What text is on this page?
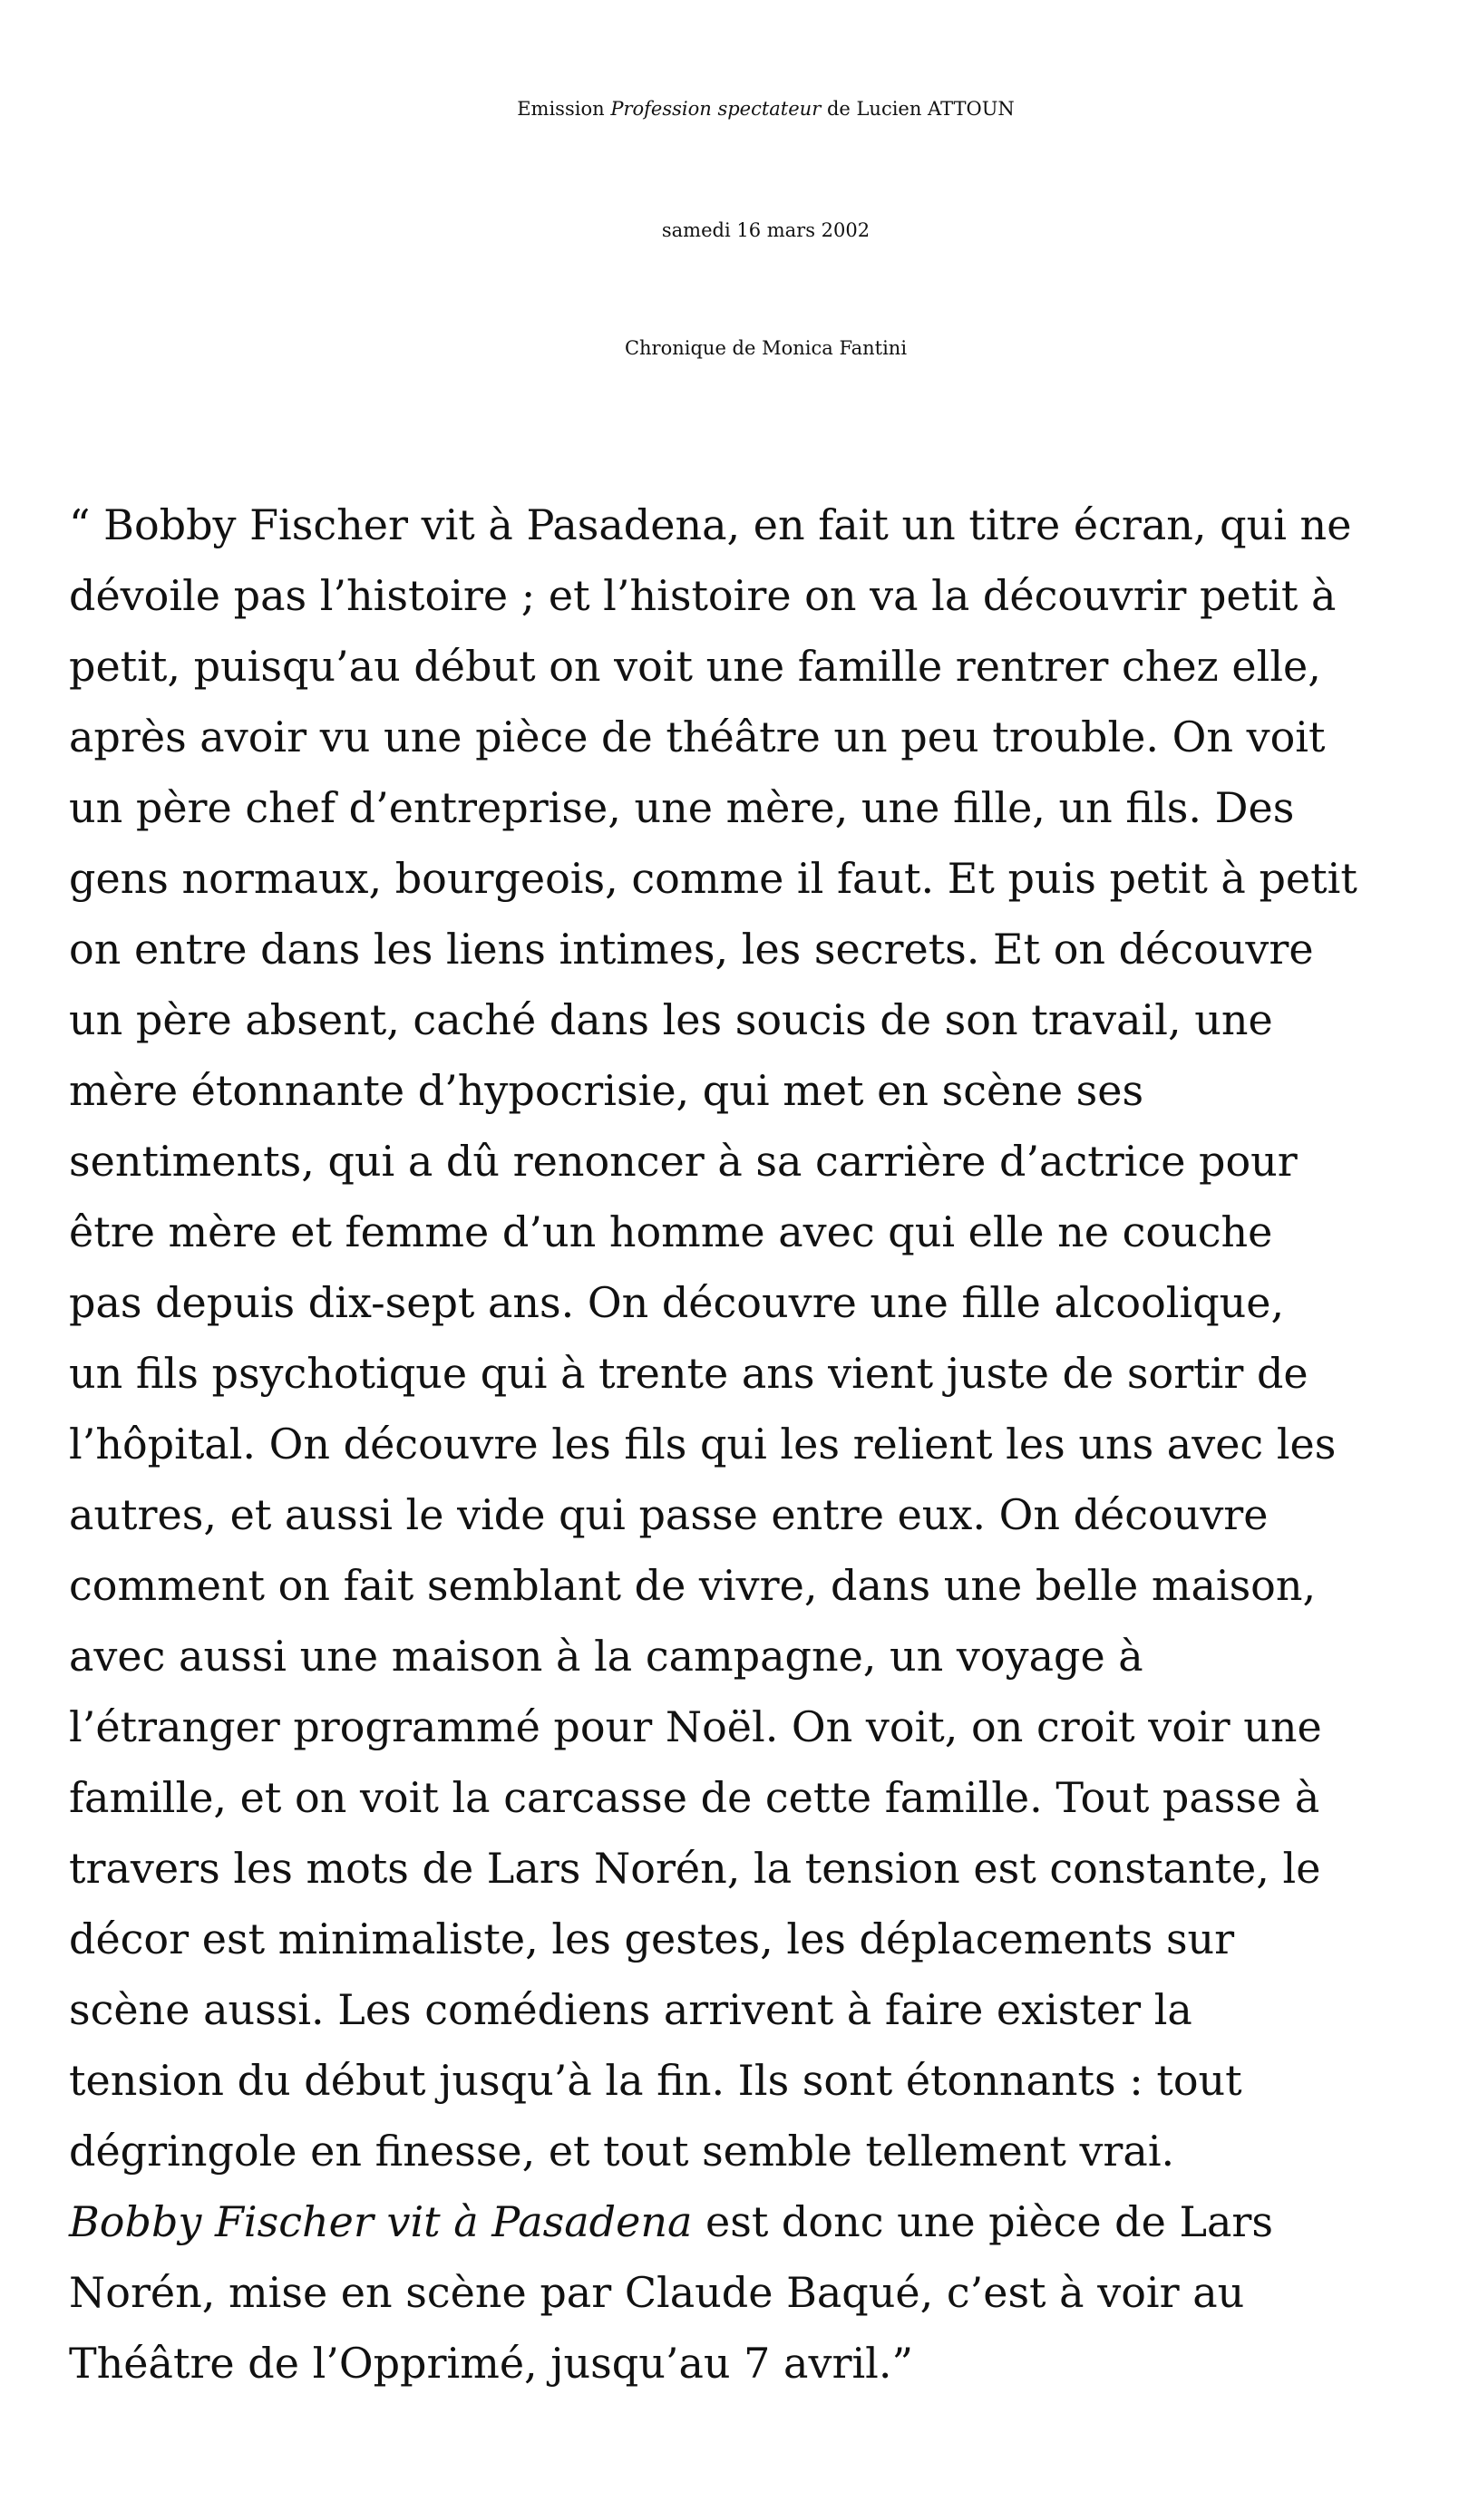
Emission Profession spectateur de Lucien ATTOUN
samedi 16 mars 2002
Chronique de Monica Fantini
“ Bobby Fischer vit à Pasadena, en fait un titre écran, qui ne
dévoile pas l’histoire ; et l’histoire on va la découvrir petit à
petit, puisqu’au début on voit une famille rentrer chez elle,
après avoir vu une pièce de théâtre un peu trouble. On voit
un père chef d’entreprise, une mère, une fille, un fils. Des
gens normaux, bourgeois, comme il faut. Et puis petit à petit
on entre dans les liens intimes, les secrets. Et on découvre
un père absent, caché dans les soucis de son travail, une
mère étonnante d’hypocrisie, qui met en scène ses
sentiments, qui a dû renoncer à sa carrière d’actrice pour
être mère et femme d’un homme avec qui elle ne couche
pas depuis dix-sept ans. On découvre une fille alcoolique,
un fils psychotique qui à trente ans vient juste de sortir de
l’hôpital. On découvre les fils qui les relient les uns avec les
autres, et aussi le vide qui passe entre eux. On découvre
comment on fait semblant de vivre, dans une belle maison,
avec aussi une maison à la campagne, un voyage à
l’étranger programmé pour Noël. On voit, on croit voir une
famille, et on voit la carcasse de cette famille. Tout passe à
travers les mots de Lars Norén, la tension est constante, le
décor est minimaliste, les gestes, les déplacements sur
scène aussi. Les comédiens arrivent à faire exister la
tension du début jusqu’à la fin. Ils sont étonnants : tout
dégringole en finesse, et tout semble tellement vrai.
Bobby Fischer vit à Pasadena est donc une pièce de Lars
Norén, mise en scène par Claude Baqué, c’est à voir au
Théâtre de l’Opprimé, jusqu’au 7 avril.”
